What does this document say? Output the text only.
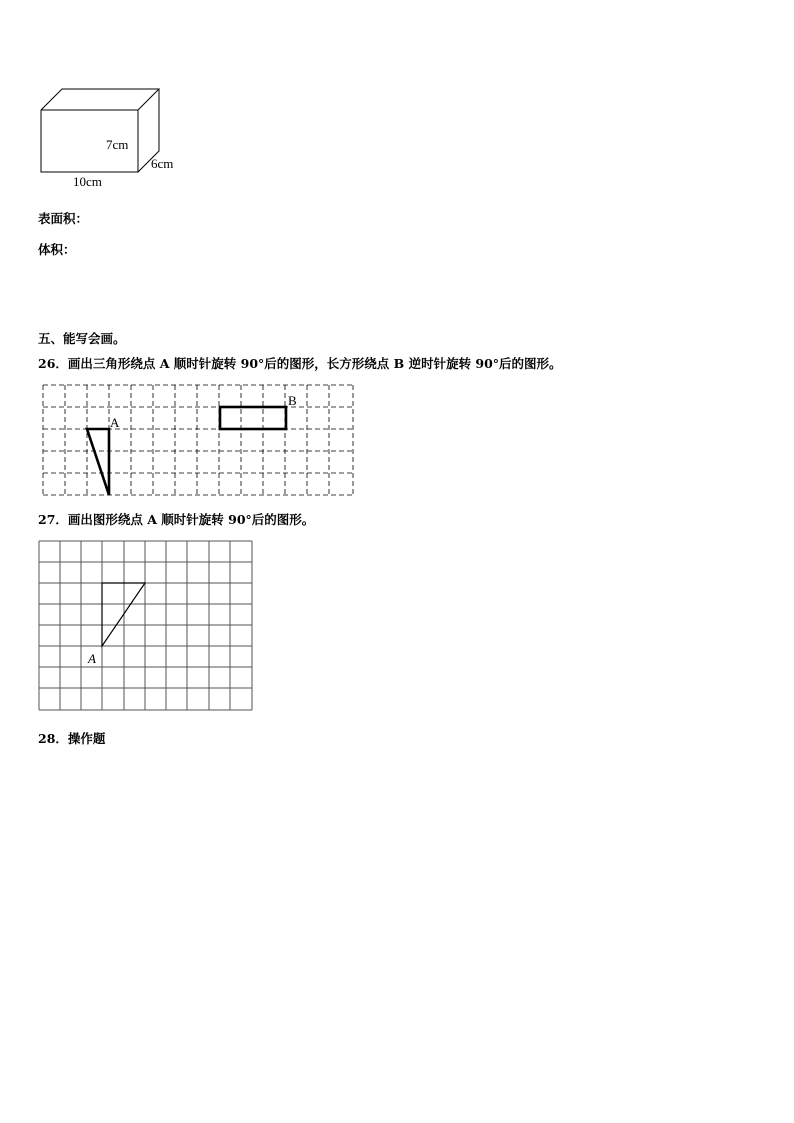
7cm
6cm
10cm
表面积：
体积：
五、能写会画。
26．画出三角形绕点 A 顺时针旋转 90°后的图形，长方形绕点 B 逆时针旋转 90°后的图形。
A
B
27．画出图形绕点 A 顺时针旋转 90°后的图形。
A
28．操作题
